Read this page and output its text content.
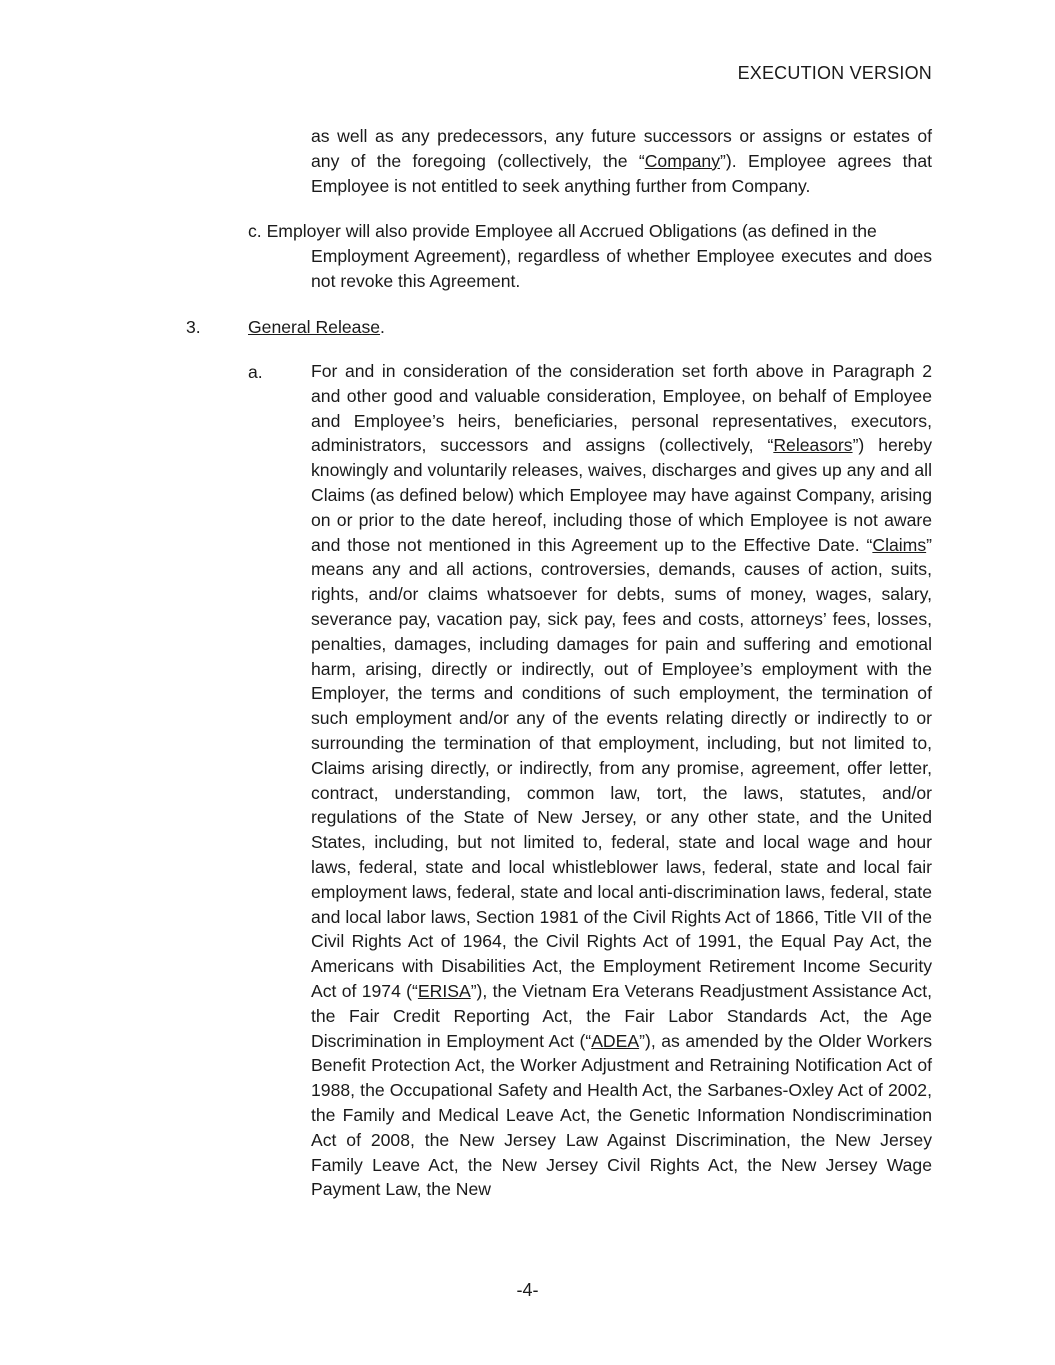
EXECUTION VERSION

as well as any predecessors, any future successors or assigns or estates of any of the foregoing (collectively, the “Company”). Employee agrees that Employee is not entitled to seek anything further from Company.

c. Employer will also provide Employee all Accrued Obligations (as defined in the
Employment Agreement), regardless of whether Employee executes and does not revoke this Agreement.

3.	General Release.

a.	For and in consideration of the consideration set forth above in Paragraph 2 and other good and valuable consideration, Employee, on behalf of Employee and Employee’s heirs, beneficiaries, personal representatives, executors, administrators, successors and assigns (collectively, “Releasors”) hereby knowingly and voluntarily releases, waives, discharges and gives up any and all Claims (as defined below) which Employee may have against Company, arising on or prior to the date hereof, including those of which Employee is not aware and those not mentioned in this Agreement up to the Effective Date. “Claims” means any and all actions, controversies, demands, causes of action, suits, rights, and/or claims whatsoever for debts, sums of money, wages, salary, severance pay, vacation pay, sick pay, fees and costs, attorneys’ fees, losses, penalties, damages, including damages for pain and suffering and emotional harm, arising, directly or indirectly, out of Employee’s employment with the Employer, the terms and conditions of such employment, the termination of such employment and/or any of the events relating directly or indirectly to or surrounding the termination of that employment, including, but not limited to, Claims arising directly, or indirectly, from any promise, agreement, offer letter, contract, understanding, common law, tort, the laws, statutes, and/or regulations of the State of New Jersey, or any other state, and the United States, including, but not limited to, federal, state and local wage and hour laws, federal, state and local whistleblower laws, federal, state and local fair employment laws, federal, state and local anti-discrimination laws, federal, state and local labor laws, Section 1981 of the Civil Rights Act of 1866, Title VII of the Civil Rights Act of 1964, the Civil Rights Act of 1991, the Equal Pay Act, the Americans with Disabilities Act, the Employment Retirement Income Security Act of 1974 (“ERISA”), the Vietnam Era Veterans Readjustment Assistance Act, the Fair Credit Reporting Act, the Fair Labor Standards Act, the Age Discrimination in Employment Act (“ADEA”), as amended by the Older Workers Benefit Protection Act, the Worker Adjustment and Retraining Notification Act of 1988, the Occupational Safety and Health Act, the Sarbanes-Oxley Act of 2002, the Family and Medical Leave Act, the Genetic Information Nondiscrimination Act of 2008, the New Jersey Law Against Discrimination, the New Jersey Family Leave Act, the New Jersey Civil Rights Act, the New Jersey Wage Payment Law, the New

-4-
